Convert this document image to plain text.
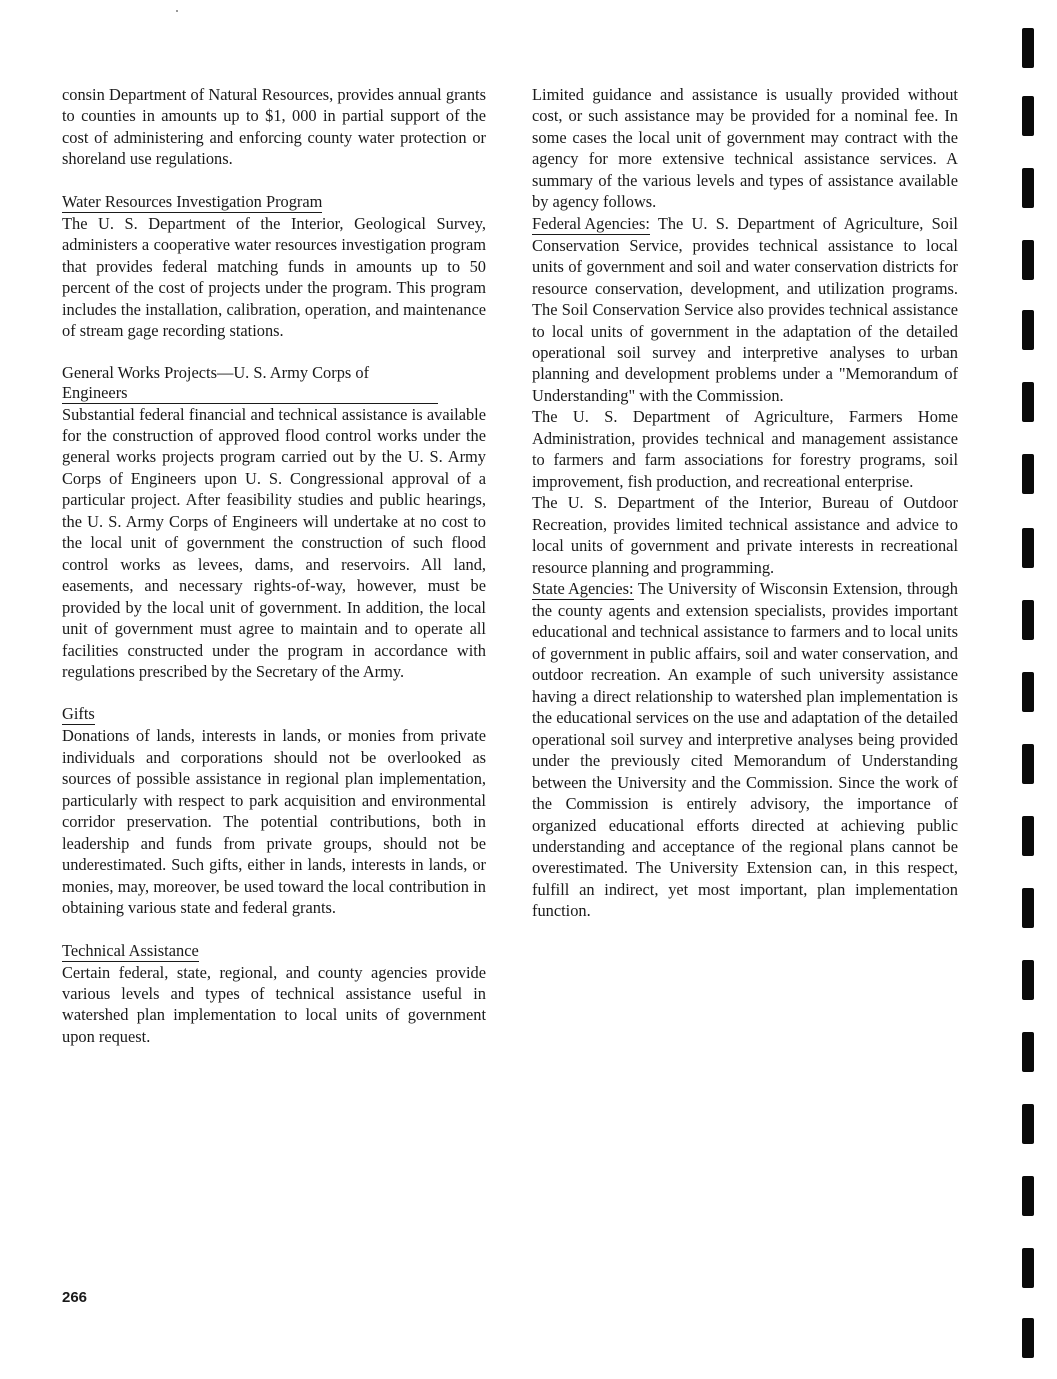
consin Department of Natural Resources, provides annual grants to counties in amounts up to $1, 000 in partial support of the cost of administering and enforcing county water protection or shoreland use regulations.

Water Resources Investigation Program

The U. S. Department of the Interior, Geological Survey, administers a cooperative water resources investigation program that provides federal matching funds in amounts up to 50 percent of the cost of projects under the program. This program includes the installation, calibration, operation, and maintenance of stream gage recording stations.

General Works Projects—U. S. Army Corps of Engineers

Substantial federal financial and technical assistance is available for the construction of approved flood control works under the general works projects program carried out by the U. S. Army Corps of Engineers upon U. S. Congressional approval of a particular project. After feasibility studies and public hearings, the U. S. Army Corps of Engineers will undertake at no cost to the local unit of government the construction of such flood control works as levees, dams, and reservoirs. All land, easements, and necessary rights-of-way, however, must be provided by the local unit of government. In addition, the local unit of government must agree to maintain and to operate all facilities constructed under the program in accordance with regulations prescribed by the Secretary of the Army.

Gifts

Donations of lands, interests in lands, or monies from private individuals and corporations should not be overlooked as sources of possible assistance in regional plan implementation, particularly with respect to park acquisition and environmental corridor preservation. The potential contributions, both in leadership and funds from private groups, should not be underestimated. Such gifts, either in lands, interests in lands, or monies, may, moreover, be used toward the local contribution in obtaining various state and federal grants.

Technical Assistance

Certain federal, state, regional, and county agencies provide various levels and types of technical assistance useful in watershed plan implementation to local units of government upon request.

Limited guidance and assistance is usually provided without cost, or such assistance may be provided for a nominal fee. In some cases the local unit of government may contract with the agency for more extensive technical assistance services. A summary of the various levels and types of assistance available by agency follows.

Federal Agencies: The U. S. Department of Agriculture, Soil Conservation Service, provides technical assistance to local units of government and soil and water conservation districts for resource conservation, development, and utilization programs. The Soil Conservation Service also provides technical assistance to local units of government in the adaptation of the detailed operational soil survey and interpretive analyses to urban planning and development problems under a "Memorandum of Understanding" with the Commission.

The U. S. Department of Agriculture, Farmers Home Administration, provides technical and management assistance to farmers and farm associations for forestry programs, soil improvement, fish production, and recreational enterprise.

The U. S. Department of the Interior, Bureau of Outdoor Recreation, provides limited technical assistance and advice to local units of government and private interests in recreational resource planning and programming.

State Agencies: The University of Wisconsin Extension, through the county agents and extension specialists, provides important educational and technical assistance to farmers and to local units of government in public affairs, soil and water conservation, and outdoor recreation. An example of such university assistance having a direct relationship to watershed plan implementation is the educational services on the use and adaptation of the detailed operational soil survey and interpretive analyses being provided under the previously cited Memorandum of Understanding between the University and the Commission. Since the work of the Commission is entirely advisory, the importance of organized educational efforts directed at achieving public understanding and acceptance of the regional plans cannot be overestimated. The University Extension can, in this respect, fulfill an indirect, yet most important, plan implementation function.

266
